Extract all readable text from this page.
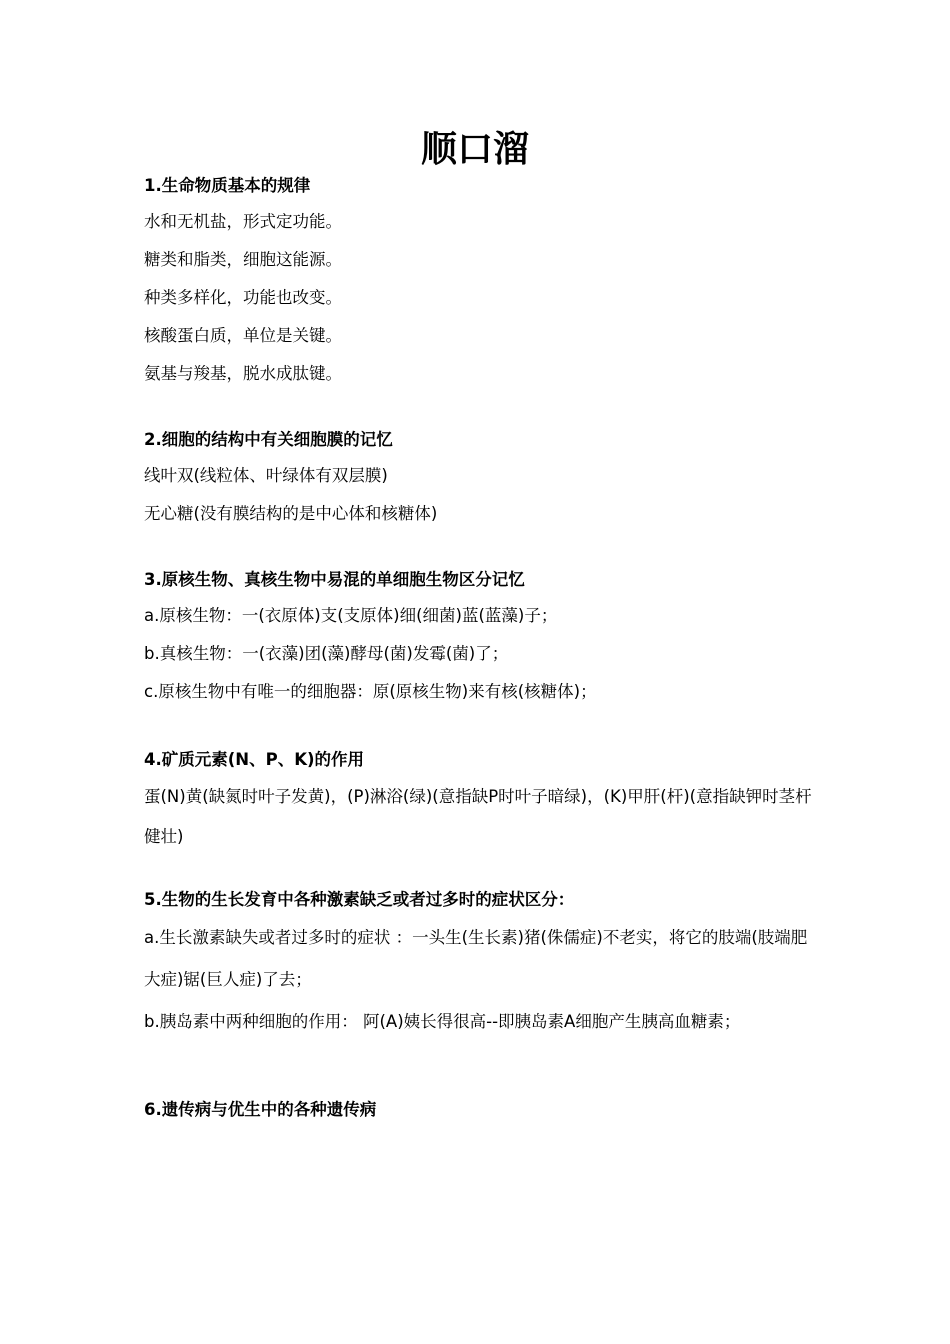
顺口溜
1.生命物质基本的规律

水和无机盐，形式定功能。

糖类和脂类，细胞这能源。

种类多样化，功能也改变。

核酸蛋白质，单位是关键。

氨基与羧基，脱水成肽键。

2.细胞的结构中有关细胞膜的记忆

线叶双(线粒体、叶绿体有双层膜)

无心糖(没有膜结构的是中心体和核糖体)

3.原核生物、真核生物中易混的单细胞生物区分记忆

a.原核生物：一(衣原体)支(支原体)细(细菌)蓝(蓝藻)子；

b.真核生物：一(衣藻)团(藻)酵母(菌)发霉(菌)了；

c.原核生物中有唯一的细胞器：原(原核生物)来有核(核糖体)；

4.矿质元素(N、P、K)的作用

蛋(N)黄(缺氮时叶子发黄)，(P)淋浴(绿)(意指缺P时叶子暗绿)，(K)甲肝(杆)(意指缺钾时茎杆健壮)

5.生物的生长发育中各种激素缺乏或者过多时的症状区分：

a.生长激素缺失或者过多时的症状 ：一头生(生长素)猪(侏儒症)不老实，将它的肢端(肢端肥大症)锯(巨人症)了去；

b.胰岛素中两种细胞的作用： 阿(A)姨长得很高--即胰岛素A细胞产生胰高血糖素；

6.遗传病与优生中的各种遗传病
